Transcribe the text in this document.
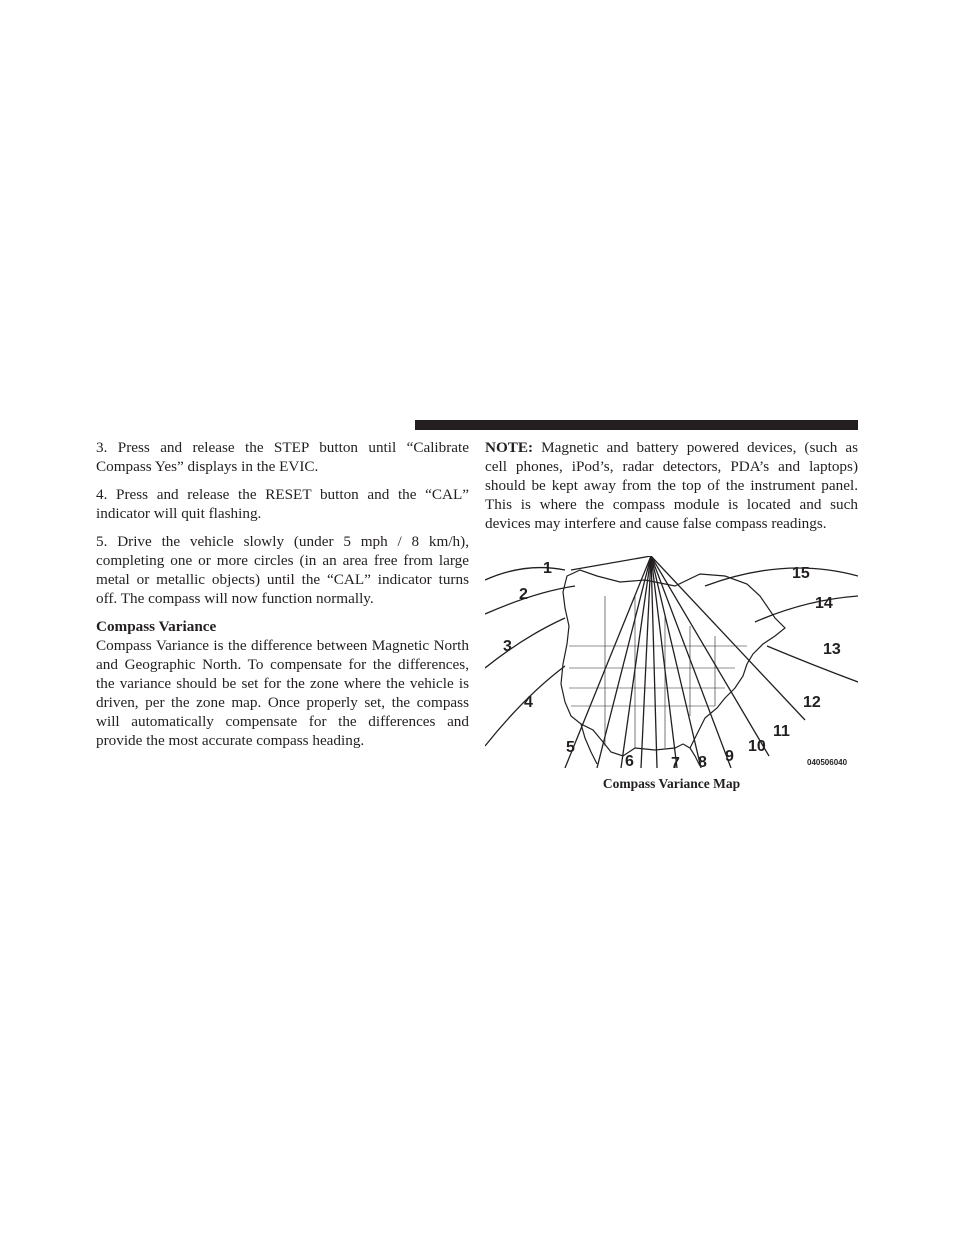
3. Press and release the STEP button until “Calibrate Compass Yes” displays in the EVIC.

4. Press and release the RESET button and the “CAL” indicator will quit flashing.

5. Drive the vehicle slowly (under 5 mph / 8 km/h), completing one or more circles (in an area free from large metal or metallic objects) until the “CAL” indicator turns off. The compass will now function normally.

Compass Variance

Compass Variance is the difference between Magnetic North and Geographic North. To compensate for the differences, the variance should be set for the zone where the vehicle is driven, per the zone map. Once properly set, the compass will automatically compensate for the differences and provide the most accurate compass heading.

NOTE: Magnetic and battery powered devices, (such as cell phones, iPod’s, radar detectors, PDA’s and laptops) should be kept away from the top of the instrument panel. This is where the compass module is located and such devices may interfere and cause false compass readings.

1
2
3
4
5
6 7 8 9
10
11
12
13
14
15
040506040
Compass Variance Map
